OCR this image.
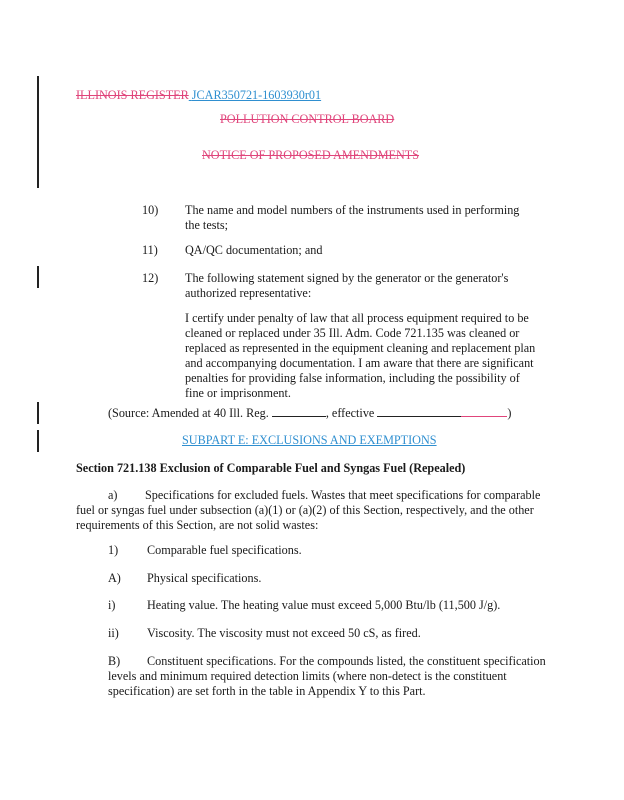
ILLINOIS REGISTER JCAR350721-1603930r01
POLLUTION CONTROL BOARD
NOTICE OF PROPOSED AMENDMENTS
10) The name and model numbers of the instruments used in performing the tests;
11) QA/QC documentation; and
12) The following statement signed by the generator or the generator's authorized representative:
I certify under penalty of law that all process equipment required to be cleaned or replaced under 35 Ill. Adm. Code 721.135 was cleaned or replaced as represented in the equipment cleaning and replacement plan and accompanying documentation. I am aware that there are significant penalties for providing false information, including the possibility of fine or imprisonment.
(Source: Amended at 40 Ill. Reg.	, effective	)
SUBPART E: EXCLUSIONS AND EXEMPTIONS
Section 721.138 Exclusion of Comparable Fuel and Syngas Fuel (Repealed)
a) Specifications for excluded fuels. Wastes that meet specifications for comparable
fuel or syngas fuel under subsection (a)(1) or (a)(2) of this Section, respectively, and the other requirements of this Section, are not solid wastes:
1) Comparable fuel specifications.
A) Physical specifications.
i)	Heating value. The heating value must exceed 5,000 Btu/lb (11,500 J/g).
ii) Viscosity. The viscosity must not exceed 50 cS, as fired.
B) Constituent specifications. For the compounds listed, the constituent specification
levels and minimum required detection limits (where non-detect is the constituent specification) are set forth in the table in Appendix Y to this Part.
